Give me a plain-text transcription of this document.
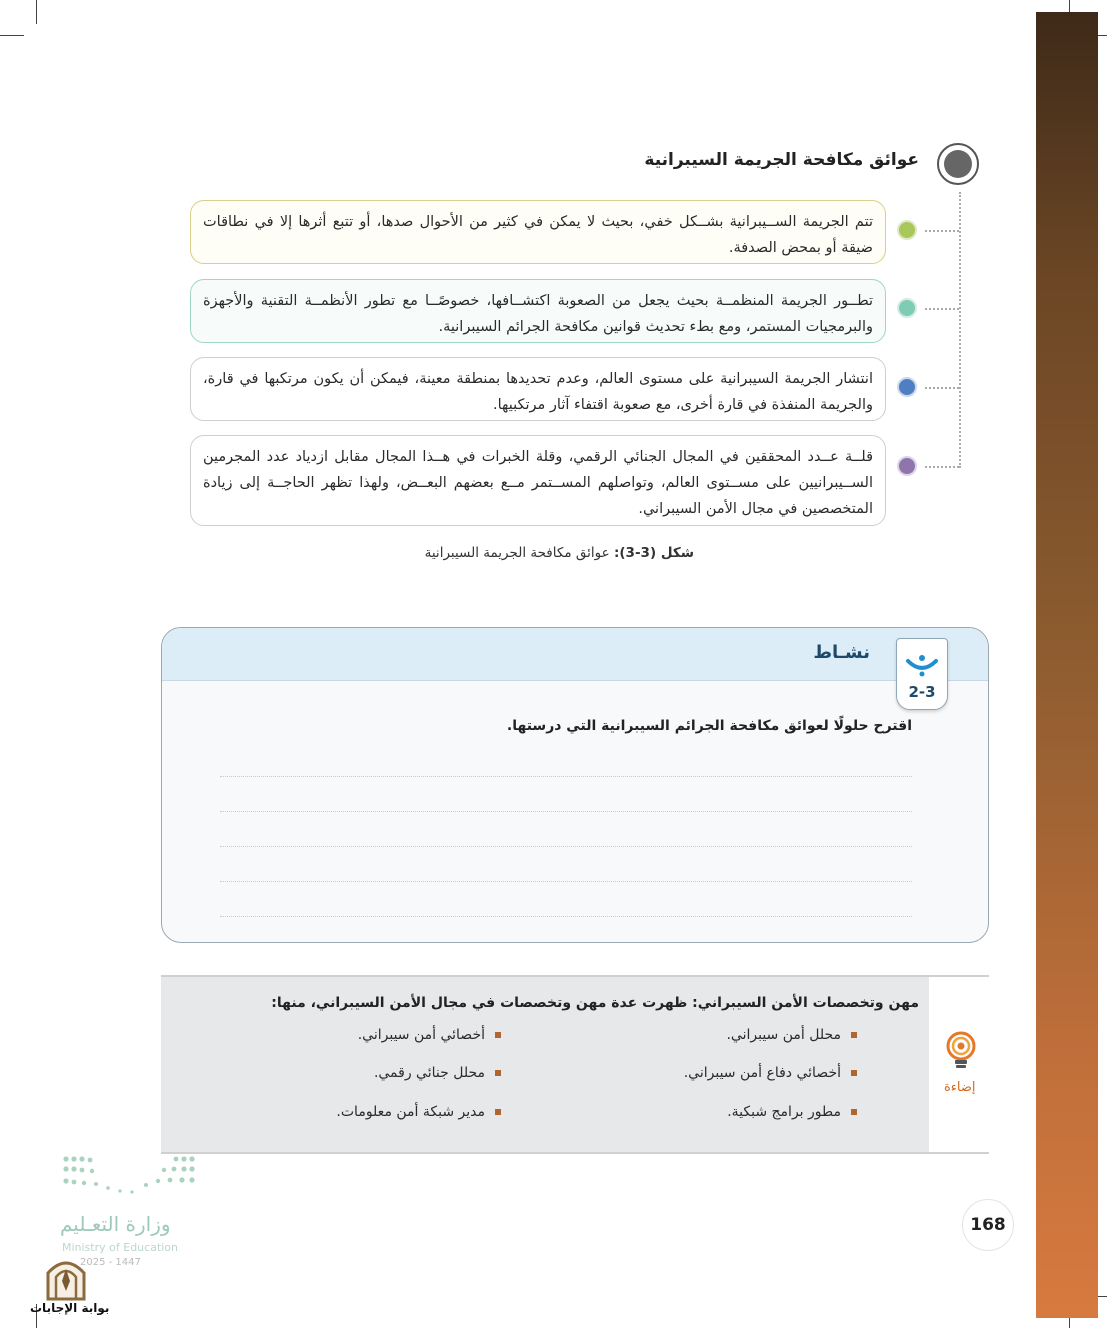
عوائق مكافحة الجريمة السيبرانية
تتم الجريمة الســيبرانية بشــكل خفي، بحيث لا يمكن في كثير من الأحوال صدها، أو تتبع أثرها إلا في نطاقات ضيقة أو بمحض الصدفة.
تطــور الجريمة المنظمــة بحيث يجعل من الصعوبة اكتشــافها، خصوصًــا مع تطور الأنظمــة التقنية والأجهزة والبرمجيات المستمر، ومع بطء تحديث قوانين مكافحة الجرائم السيبرانية.
انتشار الجريمة السيبرانية على مستوى العالم، وعدم تحديدها بمنطقة معينة، فيمكن أن يكون مرتكبها في قارة، والجريمة المنفذة في قارة أخرى، مع صعوبة اقتفاء آثار مرتكبيها.
قلــة عــدد المحققين في المجال الجنائي الرقمي، وقلة الخبرات في هــذا المجال مقابل ازدياد عدد المجرمين الســيبرانيين على مســتوى العالم، وتواصلهم المســتمر مــع بعضهم البعــض، ولهذا تظهر الحاجــة إلى زيادة المتخصصين في مجال الأمن السيبراني.
شكل (3-3): عوائق مكافحة الجريمة السيبرانية
نشـاط
2-3
اقترح حلولًا لعوائق مكافحة الجرائم السيبرانية التي درستها.
مهن وتخصصات الأمن السيبراني: ظهرت عدة مهن وتخصصات في مجال الأمن السيبراني، منها:
محلل أمن سيبراني.
أخصائي أمن سيبراني.
أخصائي دفاع أمن سيبراني.
محلل جنائي رقمي.
مطور برامج شبكية.
مدير شبكة أمن معلومات.
إضاءة
168
وزارة التعـليم
Ministry of Education
2025 - 1447
بوابة الإجابات
